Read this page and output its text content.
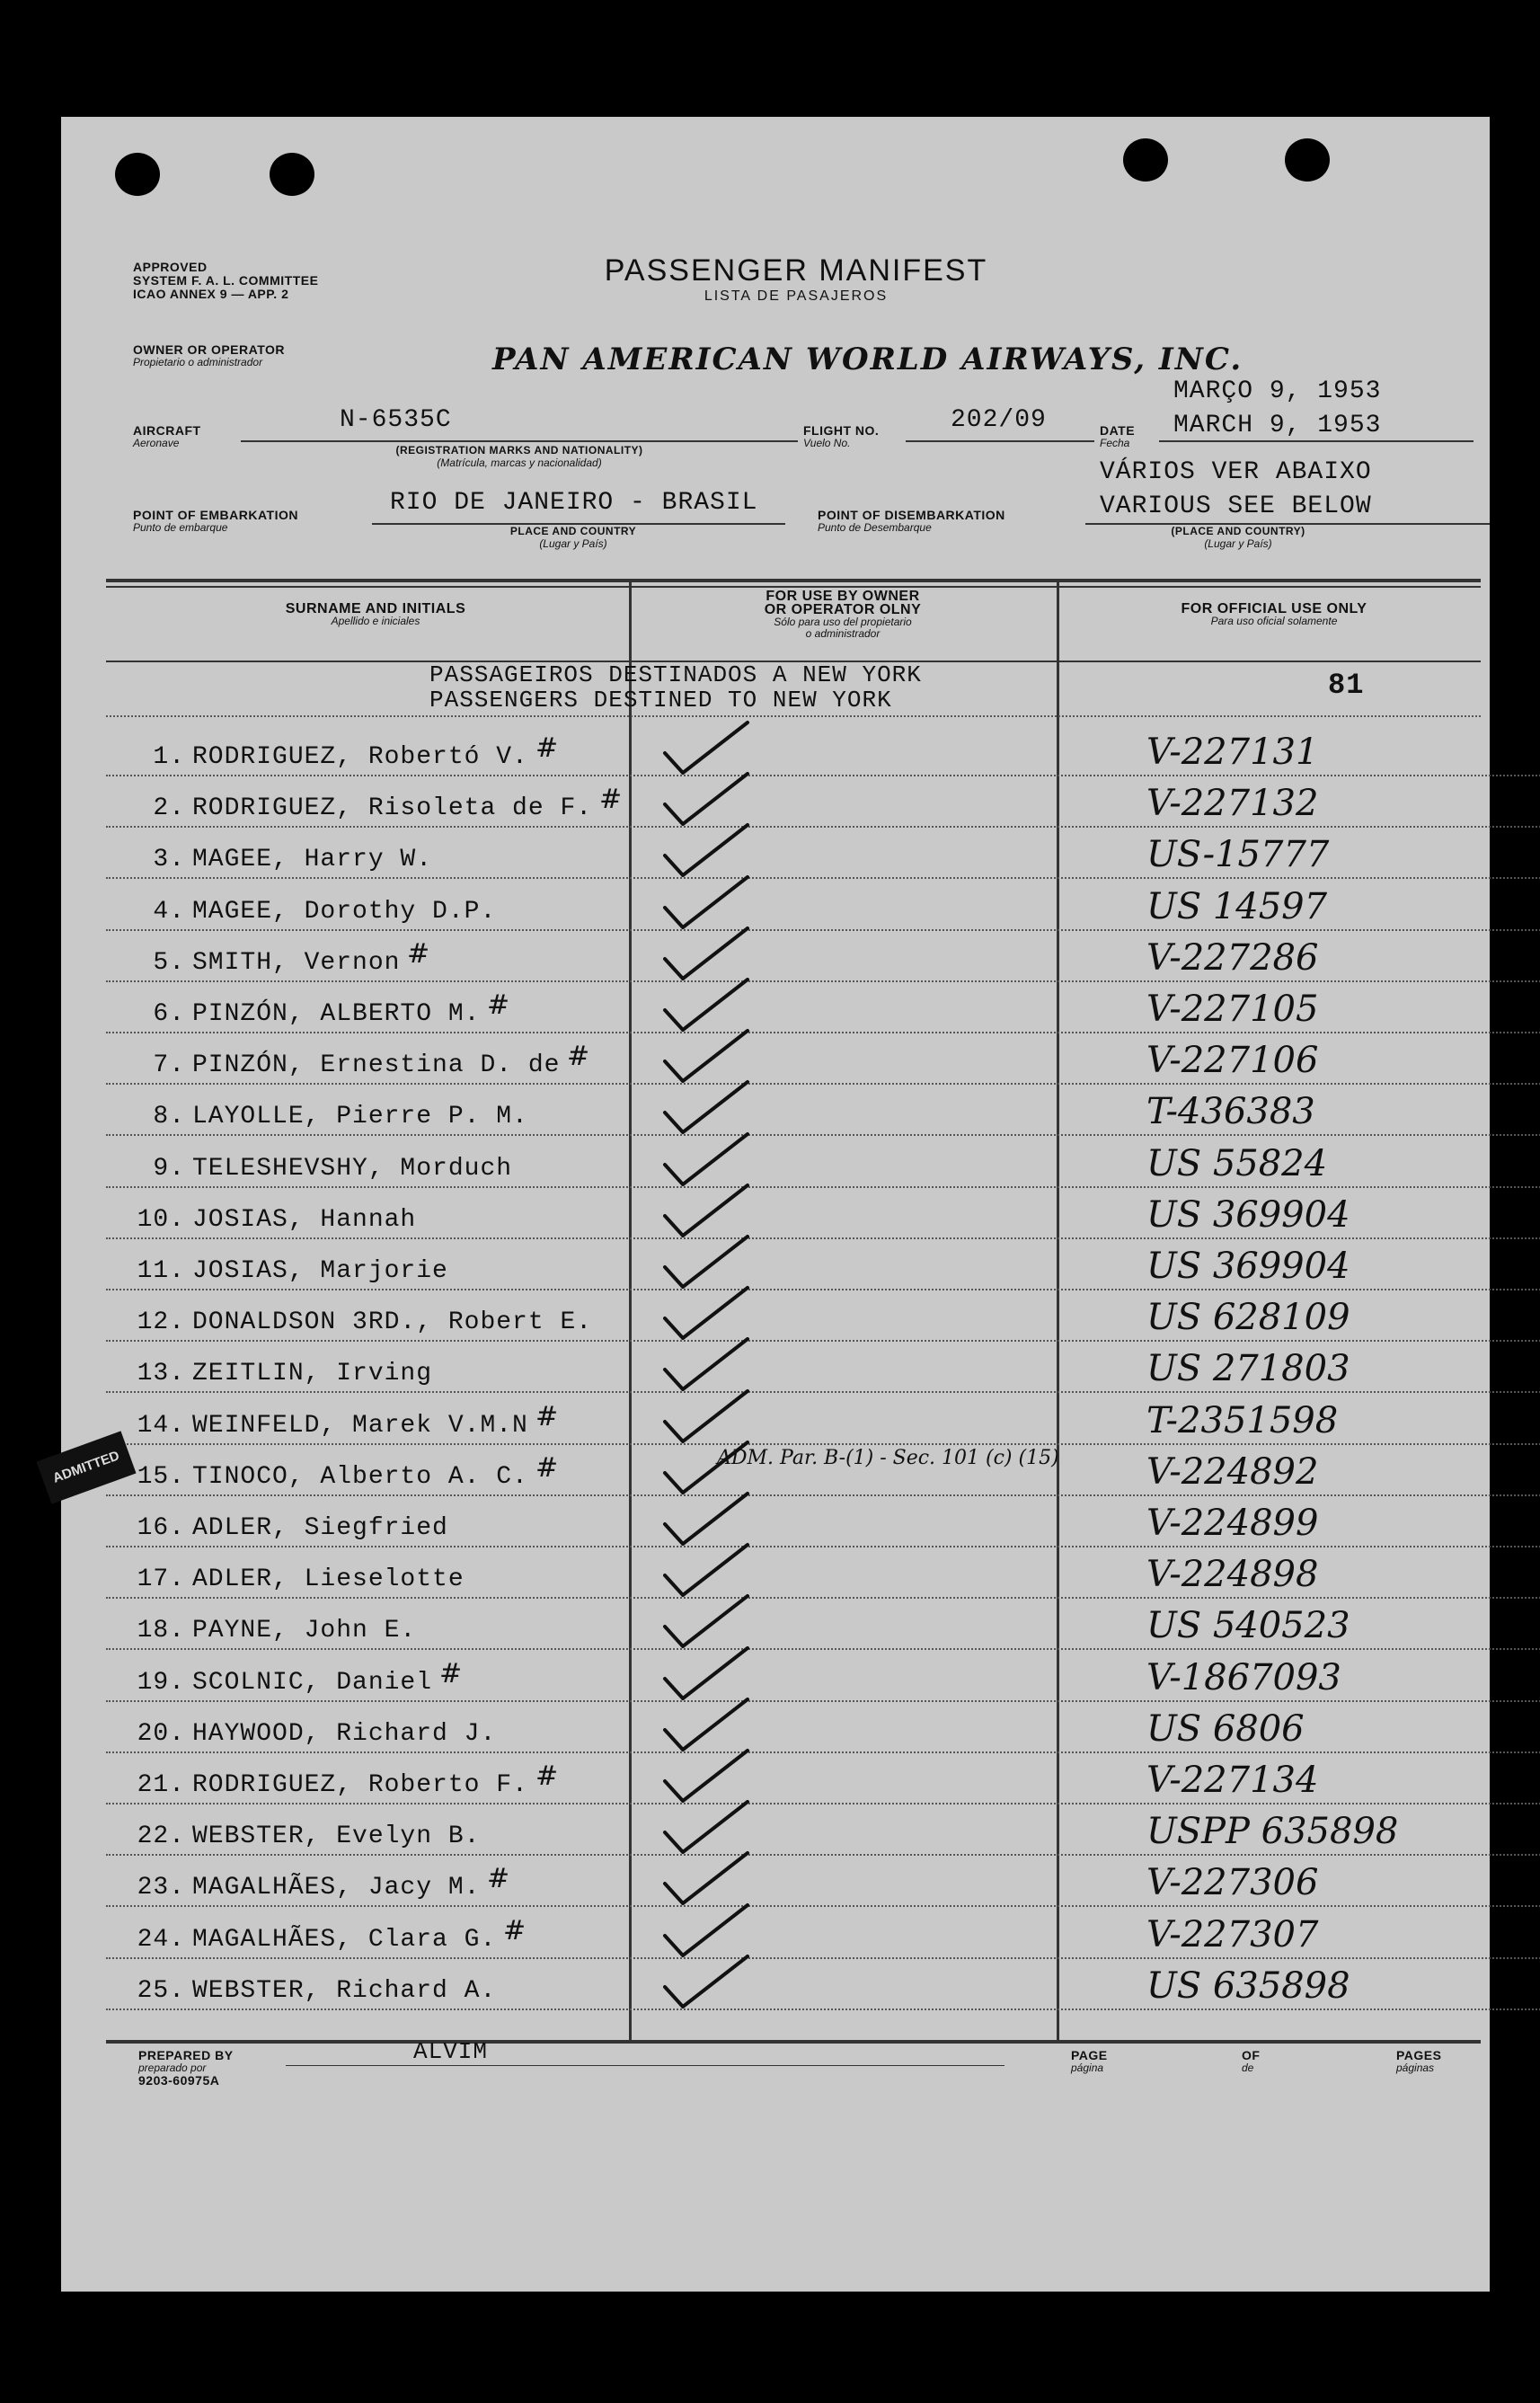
APPROVED
SYSTEM F. A. L. COMMITTEE
ICAO ANNEX 9 — APP. 2
PASSENGER MANIFEST
LISTA DE PASAJEROS
OWNER OR OPERATOR
Propietario o administrador	PAN AMERICAN WORLD AIRWAYS, INC.
MARÇO 9, 1953
MARCH 9, 1953
AIRCRAFT
Aeronave
N-6535C
(REGISTRATION MARKS AND NATIONALITY)
(Matrícula, marcas y nacionalidad)
FLIGHT NO.
Vuelo No.
202/09	DATE
Fecha
VÁRIOS VER ABAIXO
VARIOUS SEE BELOW
POINT OF EMBARKATION
Punto de embarque
RIO DE JANEIRO - BRASIL
PLACE AND COUNTRY
(Lugar y País)
POINT OF DISEMBARKATION
Punto de Desembarque	(PLACE AND COUNTRY)
(Lugar y País)
SURNAME AND INITIALS
Apellido e iniciales
FOR USE BY OWNER
OR OPERATOR OLNY
Sólo para uso del propietario
o administrador
FOR OFFICIAL USE ONLY
Para uso oficial solamente
PASSAGEIROS DESTINADOS A NEW YORK
PASSENGERS DESTINED TO NEW YORK	81
1. RODRIGUEZ, Robertó V. #	V-227131
2. RODRIGUEZ, Risoleta de F. #	V-227132
3. MAGEE, Harry W.	US-15777
4. MAGEE, Dorothy D.P.	US 14597
5. SMITH, Vernon #	V-227286
6. PINZÓN, ALBERTO M. #	V-227105
7. PINZÓN, Ernestina D. de #	V-227106
8. LAYOLLE, Pierre P. M.	T-436383
9. TELESHEVSHY, Morduch	US 55824
10. JOSIAS, Hannah	US 369904
11. JOSIAS, Marjorie	US 369904
12. DONALDSON 3RD., Robert E.	US 628109
13. ZEITLIN, Irving	US 271803
14. WEINFELD, Marek V.M.N #	T-2351598
15. TINOCO, Alberto A. C. #	V-224892
16. ADLER, Siegfried	V-224899
17. ADLER, Lieselotte	V-224898
18. PAYNE, John E.	US 540523
19. SCOLNIC, Daniel #	V-1867093
20. HAYWOOD, Richard J.	US 6806
21. RODRIGUEZ, Roberto F. #	V-227134
22. WEBSTER, Evelyn B.	USPP 635898
23. MAGALHÃES, Jacy M. #	V-227306
24. MAGALHÃES, Clara G. #	V-227307
25. WEBSTER, Richard A.	US 635898
ADM. Par. B-(1) - Sec. 101 (c) (15)
ADMITTED
PREPARED BY
preparado por
9203-60975A
ALVIM	PAGE
página
OF
de
PAGES
páginas
